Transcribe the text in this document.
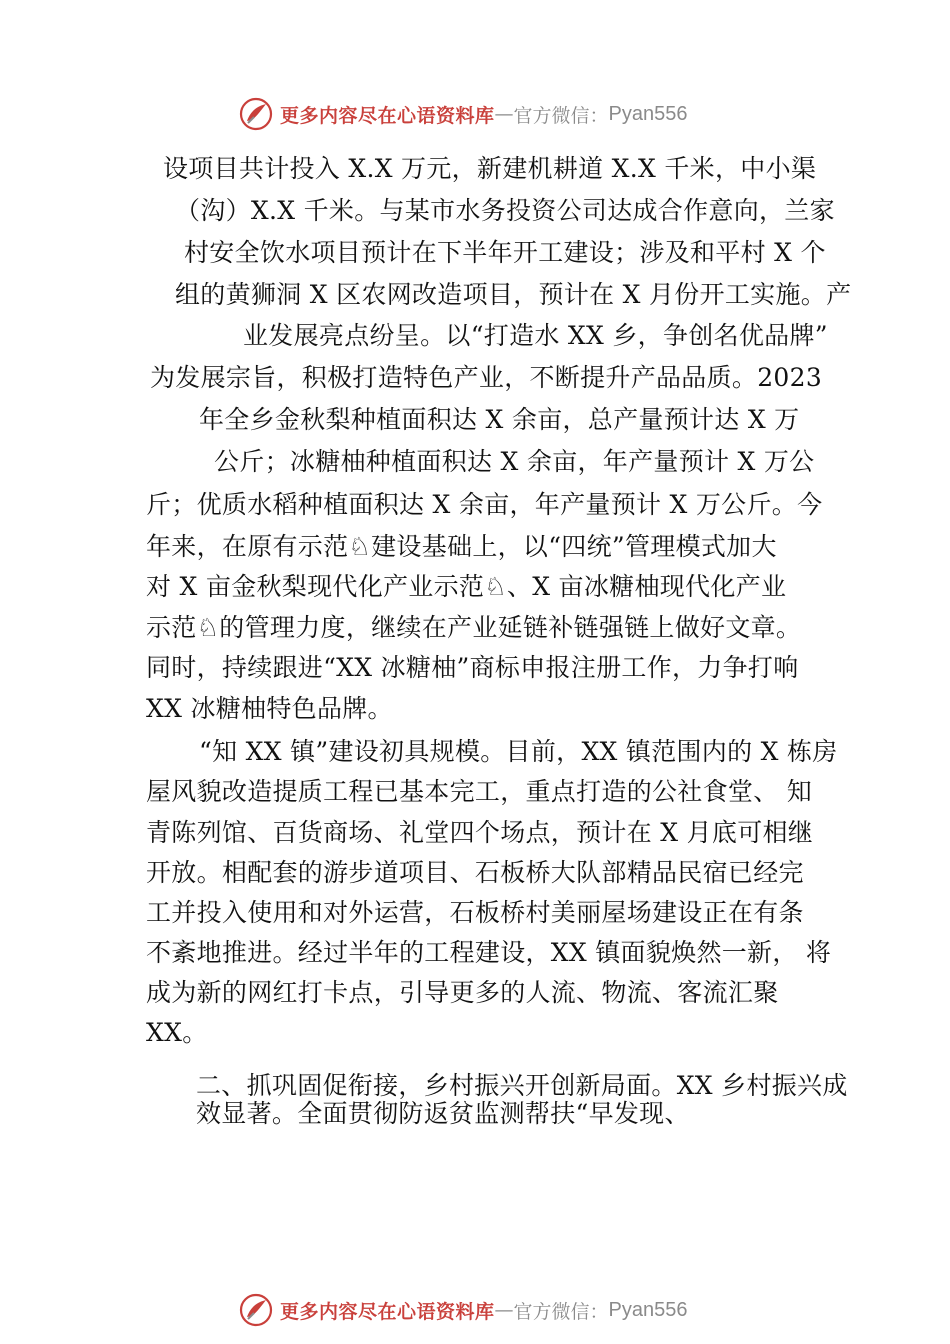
更多内容尽在心语资料库 — 官方微信： Pyan556
设项目共计投入 X.X 万元，新建机耕道 X.X 千米，中小渠
（沟）X.X 千米。与某市水务投资公司达成合作意向，兰家
村安全饮水项目预计在下半年开工建设；涉及和平村 X 个
组的黄狮洞 X 区农网改造项目，预计在 X 月份开工实施。产
业发展亮点纷呈。以“打造水 XX 乡，争创名优品牌”
为发展宗旨，积极打造特色产业，不断提升产品品质。2023
年全乡金秋梨种植面积达 X 余亩，总产量预计达 X 万
公斤；冰糖柚种植面积达 X 余亩，年产量预计 X 万公
斤；优质水稻种植面积达 X 余亩，年产量预计 X 万公斤。今
年来，在原有示范♘建设基础上，以“四统”管理模式加大
对 X 亩金秋梨现代化产业示范♘、X 亩冰糖柚现代化产业
示范♘的管理力度，继续在产业延链补链强链上做好文章。
同时，持续跟进“XX 冰糖柚”商标申报注册工作，力争打响
XX 冰糖柚特色品牌。
“知 XX 镇”建设初具规模。目前，XX 镇范围内的 X 栋房
屋风貌改造提质工程已基本完工，重点打造的公社食堂、 知
青陈列馆、百货商场、礼堂四个场点，预计在 X 月底可相继
开放。相配套的游步道项目、石板桥大队部精品民宿已经完
工并投入使用和对外运营，石板桥村美丽屋场建设正在有条
不紊地推进。经过半年的工程建设，XX 镇面貌焕然一新， 将
成为新的网红打卡点，引导更多的人流、物流、客流汇聚
XX。
二、抓巩固促衔接，乡村振兴开创新局面。XX 乡村振兴成
效显著。全面贯彻防返贫监测帮扶“早发现、
更多内容尽在心语资料库 — 官方微信： Pyan556
